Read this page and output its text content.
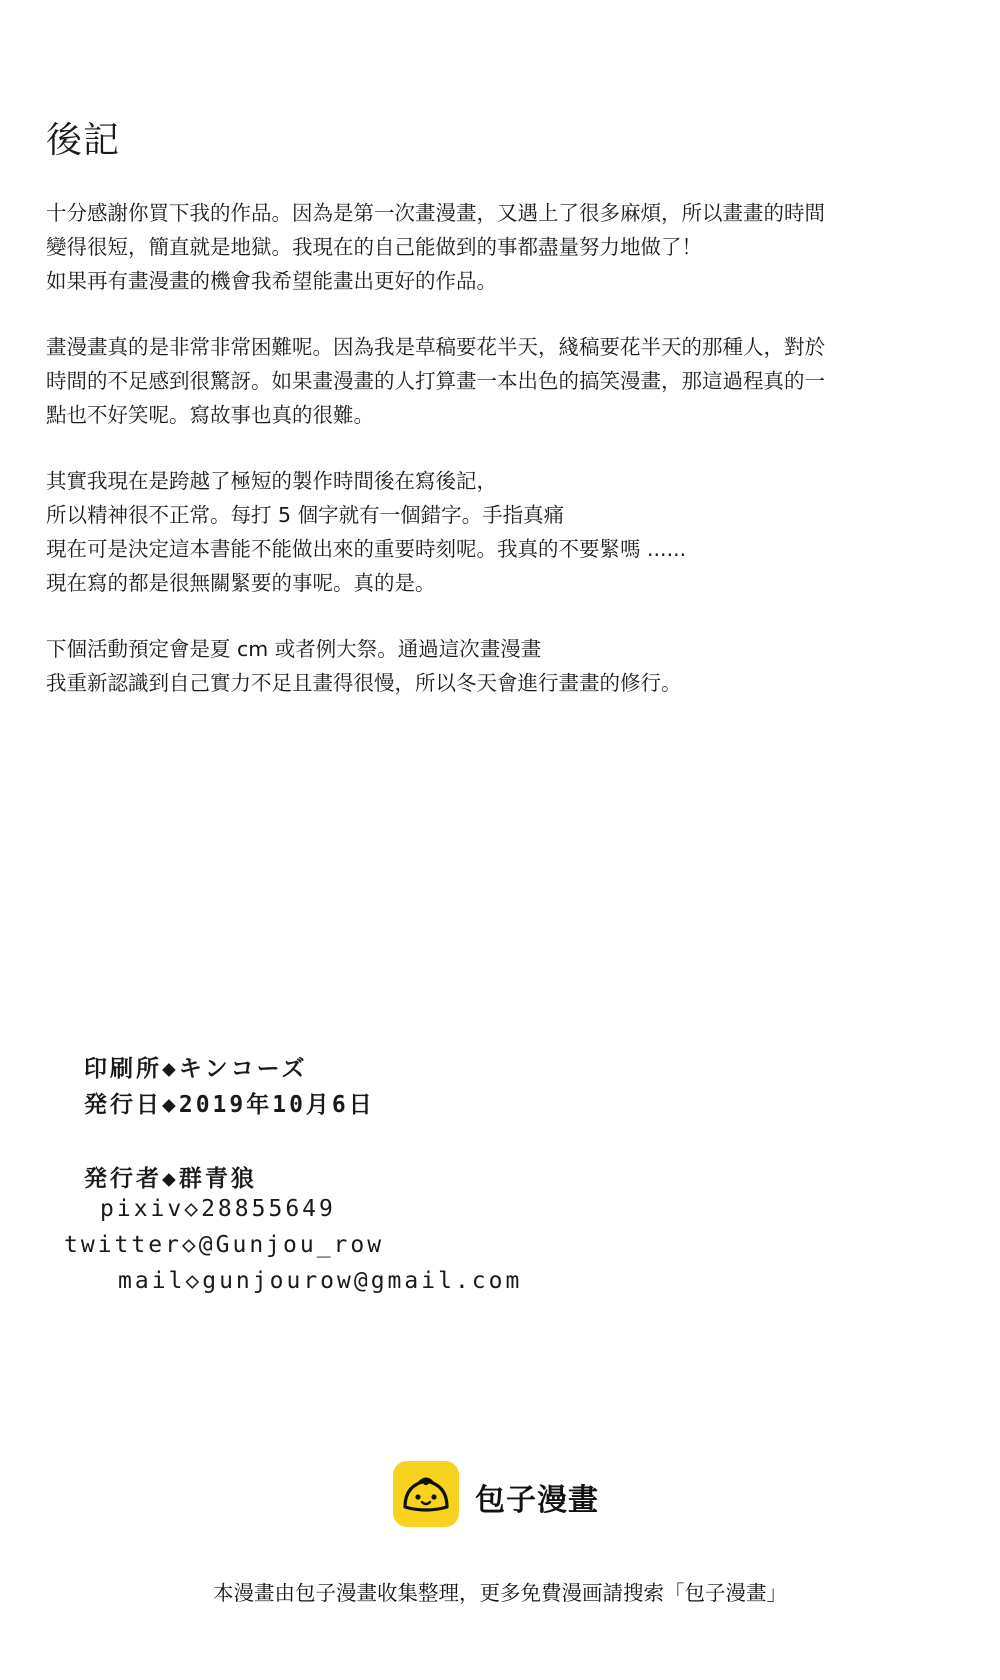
後記

十分感謝你買下我的作品。因為是第一次畫漫畫，又遇上了很多麻煩，所以畫畫的時間
變得很短，簡直就是地獄。我現在的自己能做到的事都盡量努力地做了！
如果再有畫漫畫的機會我希望能畫出更好的作品。

畫漫畫真的是非常非常困難呢。因為我是草稿要花半天，綫稿要花半天的那種人，對於
時間的不足感到很驚訝。如果畫漫畫的人打算畫一本出色的搞笑漫畫，那這過程真的一
點也不好笑呢。寫故事也真的很難。

其實我現在是跨越了極短的製作時間後在寫後記，
所以精神很不正常。每打 5 個字就有一個錯字。手指真痛
現在可是決定這本書能不能做出來的重要時刻呢。我真的不要緊嗎 ......
現在寫的都是很無關緊要的事呢。真的是。

下個活動預定會是夏 cm 或者例大祭。通過這次畫漫畫
我重新認識到自己實力不足且畫得很慢，所以冬天會進行畫畫的修行。

印刷所◆キンコーズ
発行日◆2019年10月6日
発行者◆群青狼
pixiv◇28855649
twitter◇@Gunjou_row
mail◇gunjourow@gmail.com
包子漫畫
本漫畫由包子漫畫收集整理，更多免費漫画請搜索「包子漫畫」
